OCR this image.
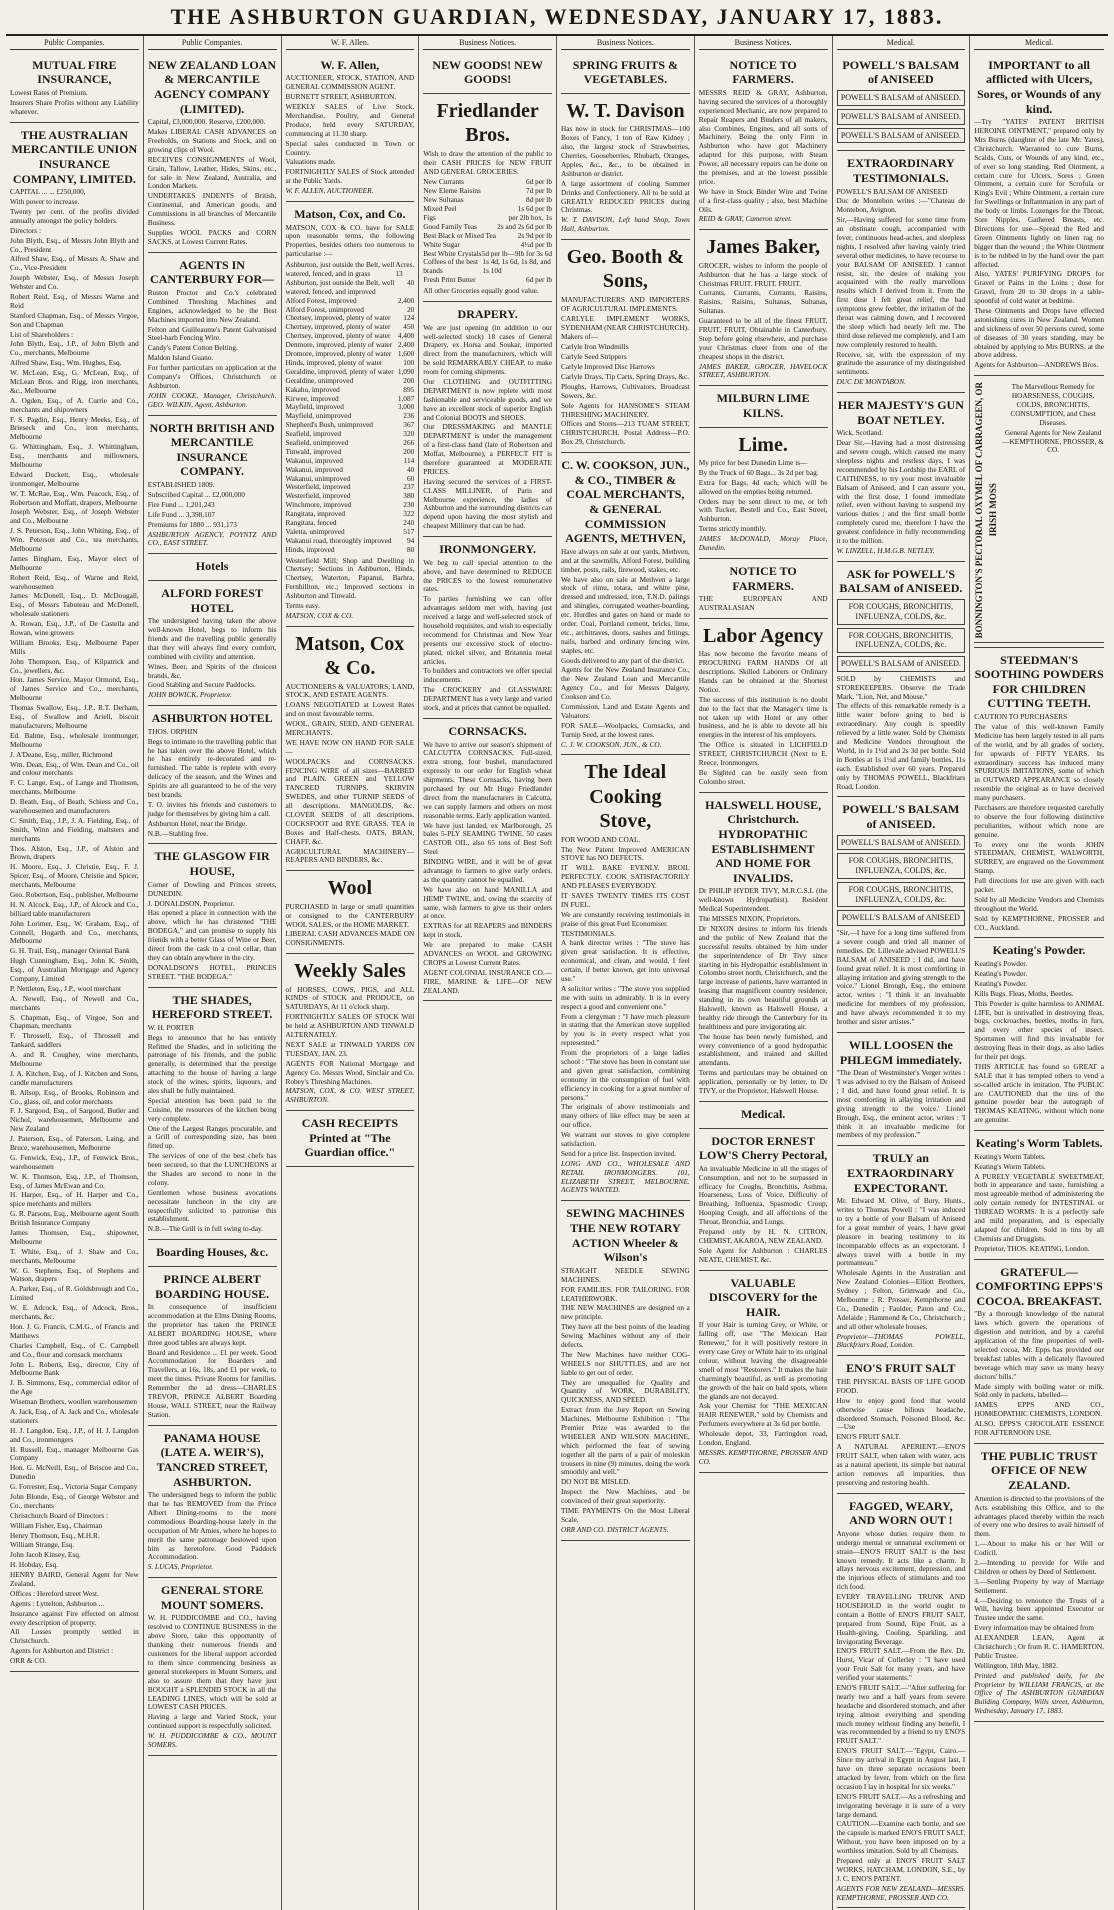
THE ASHBURTON GUARDIAN, WEDNESDAY, JANUARY 17, 1883.
Public Companies.
MUTUAL FIRE INSURANCE,

Lowest Rates of Premium.

Insurers Share Profits without any Liability whatever.

THE AUSTRALIAN MERCANTILE UNION INSURANCE COMPANY, LIMITED.

CAPITAL ... ... £250,000,

With power to increase.

Twenty per cent. of the profits divided annually amongst the policy holders.

Directors :

John Blyth, Esq., of Messrs John Blyth and Co., President

Alfred Shaw, Esq., of Messrs A. Shaw and Co., Vice-President

Joseph Webster, Esq., of Messrs Joseph Webster and Co.

Robert Reid, Esq., of Messrs Warne and Reid

Stanford Chapman, Esq., of Messrs Virgoe, Son and Chapman

List of Shareholders :

John Blyth, Esq., J.P., of John Blyth and Co., merchants, Melbourne

Alfred Shaw, Esq., Wm. Hughes, Esq.

W. McLean, Esq., G. McLean, Esq., of McLean Bros. and Rigg, iron merchants, &c., Melbourne

A. Ogden, Esq., of A. Currie and Co., merchants and shipowners

F. S. Pagdin, Esq., Henry Meeks, Esq., of Brieseck and Co., iron merchants, Melbourne

G. Whittingham, Esq., J. Whittingham, Esq., merchants and millowners, Melbourne

Edward Duckett, Esq., wholesale ironmonger, Melbourne

W. T. McRae, Esq., Wm. Peacock, Esq., of Robertson and Moffatt, drapers, Melbourne

Joseph Webster, Esq., of Joseph Webster and Co., Melbourne

J. S. Peterson, Esq., John Whiting, Esq., of Wm. Peterson and Co., tea merchants, Melbourne

James Bingham, Esq., Mayor elect of Melbourne

Robert Reid, Esq., of Warne and Reid, warehousemen

James McDonell, Esq., D. McDougall, Esq., of Messrs Tabuteau and McDonell, wholesale stationers

A. Rowan, Esq., J.P., of De Castella and Rowan, wine growers

William Brooks, Esq., Melbourne Paper Mills

John Thompson, Esq., of Kilpatrick and Co., jewellers, &c.

Hon. James Service, Mayor Ormond, Esq., of James Service and Co., merchants, Melbourne

Thomas Swallow, Esq., J.P., R.T. Derham, Esq., of Swallow and Ariell, biscuit manufacturers, Melbourne

Ed. Balme, Esq., wholesale ironmonger, Melbourne

J. A'Deane, Esq., miller, Richmond

Wm. Dean, Esq., of Wm. Dean and Co., oil and colour merchants

F. C. Lange, Esq., of Lange and Thomson, merchants, Melbourne

D. Beath, Esq., of Beath, Schiess and Co., warehousemen and manufacturers

C. Smith, Esq., J.P., J. A. Fielding, Esq., of Smith, Winn and Fielding, maltsters and merchants

Thos. Alston, Esq., J.P., of Alston and Brown, drapers

H. Moore, Esq., J. Christie, Esq., F. J. Spicer, Esq., of Moore, Christie and Spicer, merchants, Melbourne

Geo. Robertson, Esq., publisher, Melbourne

H. N. Alcock, Esq., J.P., of Alcock and Co., billiard table manufacturers

John Lorimer, Esq., W. Graham, Esq., of Connell, Hogarth and Co., merchants, Melbourne

G. H. Trail, Esq., manager Oriental Bank

Hugh Cunningham, Esq., John K. Smith, Esq., of Australian Mortgage and Agency Company, Limited

P. Nettleton, Esq., J.P., wool merchant

A. Newell, Esq., of Newell and Co., merchants

S. Chapman, Esq., of Virgoe, Son and Chapman, merchants

F. Throssell, Esq., of Throssell and Tankard, saddlers

A. and R. Coughey, wine merchants, Melbourne

J. A. Kitchen, Esq., of J. Kitchen and Sons, candle manufacturers

R. Allsop, Esq., of Brooks, Robinson and Co., glass, oil, and color merchants

F. J. Sargood, Esq., of Sargood, Butler and Nichol, warehousemen, Melbourne and New Zealand

J. Paterson, Esq., of Paterson, Laing, and Bruce, warehousemen, Melbourne

G. Fenwick, Esq., J.P., of Fenwick Bros., warehousemen

W. K. Thomson, Esq., J.P., of Thomson, Esq., of James McEwan and Co.

H. Harper, Esq., of H. Harper and Co., spice merchants and millers

G. R. Parsons, Esq., Melbourne agent South British Insurance Company

James Thomson, Esq., shipowner, Melbourne

T. White, Esq., of J. Shaw and Co., merchants, Melbourne

W. G. Stephens, Esq., of Stephens and Watson, drapers

A. Parker, Esq., of R. Goldsbrough and Co., Limited

W. E. Adcock, Esq., of Adcock, Bros., merchants, &c.

Hon. J. G. Francis, C.M.G., of Francis and Matthews

Charles Campbell, Esq., of C. Campbell and Co., flour and cornsack merchants

John L. Roberts, Esq., director, City of Melbourne Bank

J. B. Simmons, Esq., commercial editor of the Age

Wiseman Brothers, woollen warehousemen

A. Jack, Esq., of A. Jack and Co., wholesale stationers

H. J. Langdon, Esq., J.P., of H. J. Langdon and Co., ironmongers

H. Russell, Esq., manager Melbourne Gas Company

Hon. G. McNeill, Esq., of Briscoe and Co., Dunedin

G. Forrester, Esq., Victoria Sugar Company

John Blonde, Esq., of George Webster and Co., merchants

Christchurch Board of Directors :

William Fisher, Esq., Chairman

Henry Thomson, Esq., M.H.R.

William Strange, Esq.

John Jacob Kinsey, Esq.

H. Hobday, Esq.

HENRY BAIRD, General Agent for New Zealand.

Offices : Hereford street West.

Agents : Lyttelton, Ashburton ...

Insurance against Fire effected on almost every description of property.

All Losses promptly settled in Christchurch.

Agents for Ashburton and District :

ORR & CO.

Public Companies.
NEW ZEALAND LOAN & MERCANTILE AGENCY COMPANY (LIMITED).

Capital, £3,000,000. Reserve, £200,000.

Makes LIBERAL CASH ADVANCES on Freeholds, on Stations and Stock, and on growing clips of Wool.

RECEIVES CONSIGNMENTS of Wool, Grain, Tallow, Leather, Hides, Skins, etc., for sale in New Zealand, Australia, and London Markets.

UNDERTAKES INDENTS of British, Continental, and American goods, and Commissions in all branches of Mercantile Business.

Supplies WOOL PACKS and CORN SACKS, at Lowest Current Rates.

AGENTS IN CANTERBURY FOR—

Ruston Proctor and Co.'s celebrated Combined Threshing Machines and Engines, acknowledged to be the Best Machines imported into New Zealand.

Felton and Guilleaume's Patent Galvanised Steel-barb Fencing Wire.

Candy's Patent Cotton Belting.

Maldon Island Guano.

For further particulars on application at the Company's Offices, Christchurch or Ashburton.

JOHN COOKE, Manager, Christchurch. GEO. WILKIN, Agent, Ashburton.

NORTH BRITISH AND MERCANTILE INSURANCE COMPANY.

ESTABLISHED 1809.

Subscribed Capital ... £2,000,000

Fire Fund ... 1,201,243

Life Fund ... 3,398,107

Premiums for 1880 ... 931,173

ASHBURTON AGENCY, POYNTZ AND CO., EAST STREET.

Hotels
ALFORD FOREST HOTEL

The undersigned having taken the above well-known Hotel, begs to inform his friends and the travelling public generally that they will always find every comfort, combined with civility and attention.

Wines, Beer, and Spirits of the choicest brands, &c.

Good Stabling and Secure Paddocks.

JOHN BOWICK, Proprietor.

ASHBURTON HOTEL

THOS. ORPHIN

Begs to intimate to the travelling public that he has taken over the above Hotel, which he has entirely re-decorated and re-furnished. The table is replete with every delicacy of the season, and the Wines and Spirits are all guaranteed to be of the very best brands.

T. O. invites his friends and customers to judge for themselves by giving him a call.

Ashburton Hotel, near the Bridge.

N.B.—Stabling free.

THE GLASGOW FIR HOUSE,

Corner of Dowling and Princes streets, DUNEDIN.

J. DONALDSON, Proprietor.

Has opened a place in connection with the above, which he has christened "THE BODEGA," and can promise to supply his friends with a better Glass of Wine or Beer, direct from the cask in a cool cellar, than they can obtain anywhere in the city.

DONALDSON'S HOTEL, PRINCES STREET. "THE BODEGA."

THE SHADES, HEREFORD STREET.

W. H. PORTER

Begs to announce that he has entirely Refitted the Shades, and in soliciting the patronage of his friends, and the public generally, is determined that the prestige attaching to the house of having a large stock of the wines, spirits, liquours, and ales shall be fully maintained.

Special attention has been paid to the Cuisine, the resources of the kitchen being very complete.

One of the Largest Ranges procurable, and a Grill of corresponding size, has been fitted up.

The services of one of the best chefs has been secured, so that the LUNCHEONS at the Shades are second to none in the colony.

Gentlemen whose business avocations necessitate luncheon in the city are respectfully solicited to patronise this establishment.

N.B.—The Grill is in full swing to-day.

Boarding Houses, &c.
PRINCE ALBERT BOARDING HOUSE.

In consequence of insufficient accommodation at the Elms Dining Rooms, the proprietor has taken the PRINCE ALBERT BOARDING HOUSE, where three good tables are always kept.

Board and Residence ... £1 per week. Good Accommodation for Boarders and Travellers, at 16s, 18s, and £1 per week, to meet the times. Private Rooms for families. Remember the ad dress—CHARLES TREVOR, PRINCE ALBERT Boarding House, WALL STREET, near the Railway Station.

PANAMA HOUSE (LATE A. WEIR'S), TANCRED STREET, ASHBURTON.

The undersigned begs to inform the public that he has REMOVED from the Prince Albert Dining-rooms to the more commodious Boarding-house lately in the occupation of Mr Amies, where he hopes to merit the same patronage bestowed upon him as heretofore. Good Paddock Accommodation.

S. LUCAS, Proprietor.

GENERAL STORE MOUNT SOMERS.

W. H. PUDDICOMBE and CO., having resolved to CONTINUE BUSINESS in the above Store, take this opportunity of thanking their numerous friends and customers for the liberal support accorded to them since commencing business as general storekeepers in Mount Somers, and also to assure them that they have just BOUGHT a SPLENDID STOCK in all the LEADING LINES, which will be sold at LOWEST CASH PRICES.

Having a large and Varied Stock, your continued support is respectfully solicited.

W. H. PUDDICOMBE & CO., MOUNT SOMERS.

W. F. Allen.
W. F. Allen,

AUCTIONEER, STOCK, STATION, AND GENERAL COMMISSION AGENT.

BURNETT STREET, ASHBURTON.

WEEKLY SALES of Live Stock, Merchandise, Poultry, and General Produce, held every SATURDAY, commencing at 11.30 sharp.

Special sales conducted in Town or Country.

Valuations made.

FORTNIGHTLY SALES of Stock attended at the Public Yards.

W. F. ALLEN, AUCTIONEER.

Matson, Cox, and Co.

MATSON, COX & CO. have for SALE upon reasonable terms, the following Properties, besides others too numerous to particularise :—

Ashburton, just outside the Belt, well watered, fenced, and in grass
Acres. 13
Ashburton, just outside the Belt, well watered, fenced, and improved
40
Alford Forest, improved	2,400
Alford Forest, unimproved	20
Chertsey, improved, plenty of water 124
Chertsey, improved, plenty of water 450
Chertsey, improved, plenty of water 4,400
Denmore, improved, plenty of water 2,400
Dromore, improved, plenty of water 1,600
Hinds, improved, plenty of water	100
Geraldine, improved, plenty of water 1,090
Geraldine, unimproved	200
Kakahu, improved	895
Kirwee, improved	1,087
Mayfield, improved	3,000
Mayfield, unimproved	236
Shepherd's Bush, unimproved	367
Seafield, improved	320
Seafield, unimproved	266
Tinwald, improved	200
Wakanui, improved	114
Wakanui, improved	40
Wakanui, unimproved	60
Westerfield, improved	237
Westerfield, improved	380
Winchmore, improved	230
Rangitata, improved	322
Rangitata, fenced	240
Valetta, unimproved	517
Wakanui road, thoroughly improved 94
Hinds, improved	80

Westerfield Mill; Shop and Dwelling in Chertsey; Sections in Ashburton, Hinds, Chertsey, Waterton, Papanui, Barhra, Fernhillton, etc.; Improved sections in Ashburton and Tinwald.

Terms easy.

MATSON, COX & CO.

Matson, Cox & Co.

AUCTIONEERS & VALUATORS, LAND, STOCK, AND ESTATE AGENTS.

LOANS NEGOTIATED at Lowest Rates and on most favourable terms.

WOOL, GRAIN, SEED, AND GENERAL MERCHANTS.

WE HAVE NOW ON HAND FOR SALE—

WOOLPACKS and CORNSACKS. FENCING WIRE of all sizes—BARBED and PLAIN. GREEN and YELLOW TANCRED TURNIPS. SKIRVIN SWEDES, and other TURNIP SEEDS of all descriptions. MANGOLDS, &c. CLOVER SEEDS of all descriptions. COCKSFOOT and RYE GRASS. TEA in Boxes and Half-chests. OATS, BRAN, CHAFF, &c.

AGRICULTURAL MACHINERY—REAPERS AND BINDERS, &c.

Wool

PURCHASED in large or small quantities or consigned to the CANTERBURY WOOL SALES, or the HOME MARKET.

LIBERAL CASH ADVANCES MADE ON CONSIGNMENTS.

Weekly Sales

of HORSES, COWS, PIGS, and ALL KINDS of STOCK and PRODUCE, on SATURDAYS, At 11 o'clock sharp.

FORTNIGHTLY SALES OF STOCK Will be held at ASHBURTON AND TINWALD ALTERNATELY.

NEXT SALE at TINWALD YARDS ON TUESDAY, JAN. 23.

AGENTS FOR National Mortgage and Agency Co. Messrs Wood, Sinclair and Co. Robey's Threshing Machines.

MATSON, COX, & CO. WEST STREET, ASHBURTON.

CASH RECEIPTS Printed at "The Guardian office."
Business Notices.
NEW GOODS! NEW GOODS!
Friedlander Bros.

Wish to draw the attention of the public to their CASH PRICES for NEW FRUIT AND GENERAL GROCERIES.

New Currants	6d per lb
New Eleme Raisins	7d per lb
New Sultanas	8d per lb
Mixed Peel	1s 6d per lb
Figs	per 2lb box, 1s
Good Family Teas	2s and 2s 6d per lb
Best Black or Mixed Tea	2s 9d per lb
White Sugar	4½d per lb
Best White Crystals 5d per lb—9lb for 3s 6d
Coffees of the best brands
1s 4d, 1s 6d, 1s 8d, and 1s 10d
Fresh Print Butter	6d per lb

All other Groceries equally good value.

DRAPERY.

We are just opening (in addition to our well-selected stock) 18 cases of General Drapery, ex Horsa and Soukar, imported direct from the manufacturers, which will be sold REMARKABLY CHEAP, to make room for coming shipments.

Our CLOTHING and OUTFITTING DEPARTMENT is now replete with most fashionable and serviceable goods, and we have an excellent stock of superior English and Colonial BOOTS and SHOES.

Our DRESSMAKING and MANTLE DEPARTMENT is under the management of a first-class hand (late of Robertson and Moffat, Melbourne), a PERFECT FIT is therefore guaranteed at MODERATE PRICES.

Having secured the services of a FIRST-CLASS MILLINER, of Paris and Melbourne experience, the ladies of Ashburton and the surrounding districts can depend upon having the most stylish and cheapest Millinery that can be had.

IRONMONGERY.

We beg to call special attention to the above, and have determined to REDUCE the PRICES to the lowest remunerative rates.

To parties furnishing we can offer advantages seldom met with, having just received a large and well-selected stock of household requisites, and wish to especially recommend for Christmas and New Year presents our excessive stock of electro-plated, nickel silver, and Britannia metal articles.

To builders and contractors we offer special inducements.

The CROCKERY and GLASSWARE DEPARTMENT has a very large and varied stock, and at prices that cannot be equalled.

CORNSACKS.

We have to arrive our season's shipment of CALCUTTA CORNSACKS, Full-sized, extra strong, four bushel, manufactured expressly to our order for English wheat shipments. These Cornsacks, having been purchased by our Mr Hugo Friedlander direct from the manufacturers in Calcutta, we can supply farmers and others on most reasonable terms. Early application wanted.

We have just landed, ex Marlborough, 25 bales 5-PLY SEAMING TWINE. 50 cases CASTOR OIL, also 65 tons of Best Soft Steel

BINDING WIRE, and it will be of great advantage to farmers to give early orders, as the quantity cannot be equalled.

We have also on hand MANILLA and HEMP TWINE, and, owing the scarcity of same, wish farmers to give us their orders at once.

EXTRAS for all REAPERS and BINDERS kept in stock.

We are prepared to make CASH ADVANCES on WOOL and GROWING CROPS at Lowest Current Rates.

AGENT COLONIAL INSURANCE CO.—FIRE, MARINE & LIFE—OF NEW ZEALAND.

Business Notices.
SPRING FRUITS & VEGETABLES.
W. T. Davison

Has now in stock for CHRISTMAS—100 Boxes of Fancy, 1 ton of Raw Kidney ; also, the largest stock of Strawberries, Cherries, Gooseberries, Rhubarb, Oranges, Apples, &c., &c., to be obtained in Ashburton or district.

A large assortment of cooling Summer Drinks and Confectionery. All to be sold at GREATLY REDUCED PRICES during Christmas.

W. T. DAVISON, Left hand Shop, Town Hall, Ashburton.

Geo. Booth & Sons,

MANUFACTURERS AND IMPORTERS OF AGRICULTURAL IMPLEMENTS.

CARLYLE IMPLEMENT WORKS, SYDENHAM (NEAR CHRISTCHURCH).

Makers of—

Carlyle Iron Windmills

Carlyle Seed Strippers

Carlyle Improved Disc Harrows

Carlyle Drays, Tip Carts, Spring Drays, &c.

Ploughs, Harrows, Cultivators, Broadcast Sowers, &c.

Sole Agents for HANSOME'S STEAM THRESHING MACHINERY.

Offices and Stores—213 TUAM STREET, CHRISTCHURCH. Postal Address—P.O. Box 29, Christchurch.

C. W. COOKSON, JUN., & CO., TIMBER & COAL MERCHANTS, & GENERAL COMMISSION AGENTS, METHVEN,

Have always on sale at our yards, Methven, and at the sawmills, Alford Forest, building timber, posts, rails, firewood, stakes, etc.

We have also on sale at Methven a large stock of rimu, totara, and white pine, dressed and undressed, iron, T.N.D. palings and shingles, corrugated weather-boarding, etc. Hurdles and gates on hand or made to order. Coal, Portland cement, bricks, lime, etc., architraves, doors, sashes and fittings, nails, barbed and ordinary fencing wire, staples, etc.

Goods delivered to any part of the district.

Agents for the New Zealand Insurance Co., the New Zealand Loan and Mercantile Agency Co., and for Messrs Dalgety, Cookson and Co.

Commission, Land and Estate Agents and Valuators.

FOR SALE—Woolpacks, Cornsacks, and Turnip Seed, at the lowest rates.

C. J. W. COOKSON, JUN., & CO.

The Ideal Cooking Stove,

FOR WOOD AND COAL.

The New Patent Improved AMERICAN STOVE has NO DEFECTS.

IT WILL BAKE EVENLY. BROIL PERFECTLY. COOK SATISFACTORILY AND PLEASES EVERYBODY.

IT SAVES TWENTY TIMES ITS COST IN FUEL.

We are constantly receiving testimonials in praise of this great Fuel Economiser.

TESTIMONIALS.

A bank director writes : "The stove has given great satisfaction. It is effective, economical, and clean, and would, I feel certain, if better known, get into universal use."

A solicitor writes : "The stove you supplied me with suits us admirably. It is in every respect a good and convenient one."

From a clergyman : "I have much pleasure in stating that the American stove supplied by you is in every respect what you represented."

From the proprietors of a large ladies school : "The stove has been in constant use and given great satisfaction, combining economy in the consumption of fuel with efficiency in cooking for a great number of persons."

The originals of above testimonials and many others of like effect may be seen at our office.

We warrant our stoves to give complete satisfaction.

Send for a price list. Inspection invited.

LONG AND CO., WHOLESALE AND RETAIL IRONMONGERS. 101, ELIZABETH STREET, MELBOURNE. AGENTS WANTED.

SEWING MACHINES THE NEW ROTARY ACTION Wheeler & Wilson's

STRAIGHT NEEDLE SEWING MACHINES.

FOR FAMILIES. FOR TAILORING. FOR LEATHERWORK.

THE NEW MACHINES are designed on a new principle.

They have all the best points of the leading Sewing Machines without any of their defects.

The New Machines have neither COG-WHEELS nor SHUTTLES, and are not liable to get out of order.

They are unequalled for Quality and Quantity of WORK, DURABILITY, QUICKNESS, AND SPEED.

Extract from the Jury Report on Sewing Machines, Melbourne Exhibition : "The Premier Prize was awarded to the WHEELER AND WILSON MACHINE, which performed the feat of sewing together all the parts of a pair of moleskin trousers in nine (9) minutes, doing the work smoothly and well."

DO NOT BE MISLED.

Inspect the New Machines, and be convinced of their great superiority.

TIME PAYMENTS On the Most Liberal Scale.

ORR AND CO. DISTRICT AGENTS.

Business Notices.
NOTICE TO FARMERS.

MESSRS REID & GRAY, Ashburton, having secured the services of a thoroughly experienced Mechanic, are now prepared to Repair Reapers and Binders of all makers, also Combines, Engines, and all sorts of Machinery. Being the only Firm in Ashburton who have got Machinery adapted for this purpose, with Steam Power, all necessary repairs can be done on the premises, and at the lowest possible price.

We have in Stock Binder Wire and Twine of a first-class quality ; also, best Machine Oils.

REID & GRAY, Cameron street.

James Baker,

GROCER, wishes to inform the people of Ashburton that he has a large stock of Christmas FRUIT. FRUIT. FRUIT.

Currants, Currants, Currants, Raisins, Raisins, Raisins, Sultanas, Sultanas, Sultanas.

Guaranteed to be all of the finest FRUIT, FRUIT, FRUIT, Obtainable in Canterbury. Step before going elsewhere, and purchase your Christmas cheer from one of the cheapest shops in the district.

JAMES BAKER, GROCER, HAVELOCK STREET, ASHBURTON.

MILBURN LIME KILNS.
Lime.

My price for best Dunedin Lime is—

By the Truck of 60 Bags... 3s 2d per bag.

Extra for Bags, 4d each, which will be allowed on the empties being returned.

Orders may be sent direct to me, or left with Tucker, Bestell and Co., East Street, Ashburton.

Terms strictly monthly.

JAMES McDONALD, Moray Place, Dunedin.

NOTICE TO FARMERS.

THE EUROPEAN AND AUSTRALASIAN

Labor Agency

Has now become the favorite means of PROCURING FARM HANDS Of all descriptions. Skilled Laborers or Ordinary Hands can be obtained at the Shortest Notice.

The success of this institution is no doubt due to the fact that the Manager's time is not taken up with Hotel or any other business, and he is able to devote all his energies in the interest of his employers.

The Office is situated in LICHFIELD STREET, CHRISTCHURCH (Next to E. Reece, Ironmongers.

Be Sighted can be easily seen from Colombo street.

HALSWELL HOUSE, Christchurch. HYDROPATHIC ESTABLISHMENT AND HOME FOR INVALIDS.

Dr PHILIP HYDER TIVY, M.R.C.S.I. (the well-known Hydropathist). Resident Medical Superintendent.

The MISSES NIXON, Proprietors.

Dr NIXON desires to inform his friends and the public of New Zealand that the successful results obtained by him under the superintendence of Dr Tivy since starting in his Hydropathic establishment in Colombo street north, Christchurch, and the large increase of patients, have warranted in leasing that magnificent country residence, standing in its own beautiful grounds at Halswell, known as Halswell House, a healthy ride through the Canterbury for its healthiness and pure invigorating air.

The house has been newly furnished, and every convenience of a good hydropathic establishment, and trained and skilled attendants.

Terms and particulars may be obtained on application, personally or by letter, to Dr TIVY, or the Proprietor, Halswell House.

Medical.
DOCTOR ERNEST LOW'S Cherry Pectoral,

An invaluable Medicine in all the stages of Consumption, and not to be surpassed in efficacy for Coughs, Bronchitis, Asthma, Hoarseness, Loss of Voice, Difficulty of Breathing, Influenza, Spasmodic Croup, Hooping Cough, and all affections of the Throat, Bronchia, and Lungs.

Prepared only by H. N. CITRON, CHEMIST, AKAROA, NEW ZEALAND.

Sole Agent for Ashburton : CHARLES NEATE, CHEMIST, &c.

VALUABLE DISCOVERY for the HAIR.

If your Hair is turning Grey, or White, or falling off, use "The Mexican Hair Renewer," for it will positively restore in every case Grey or White hair to its original colour, without leaving the disagreeable smell of most "Restorers." It makes the hair charmingly beautiful, as well as promoting the growth of the hair on bald spots, where the glands are not decayed.

Ask your Chemist for "THE MEXICAN HAIR RENEWER," sold by Chemists and Perfumers everywhere at 3s 6d per bottle.

Wholesale depot, 33, Farringdon road, London, England.

MESSRS. KEMPTHORNE, PROSSER AND CO.

Medical.
POWELL'S BALSAM of ANISEED
POWELL'S BALSAM of ANISEED.
POWELL'S BALSAM of ANISEED.
POWELL'S BALSAM of ANISEED.
EXTRAORDINARY TESTIMONIALS.

POWELL'S BALSAM OF ANISEED

Duc de Montebon writes :—"Chateau de Montebon, Avignon.

Sir,—Having suffered for some time from an obstinate cough, accompanied with fever, continuous head-aches, and sleepless nights, I resolved after having vainly tried several other medicines, to have recourse to your BALSAM OF ANISEED. I cannot resist, sir, the desire of making you acquainted with the really marvellous results which I derived from it. From the first dose I felt great relief, the bad symptoms grew feebler, the irritation of the throat was calming down, and I recovered the sleep which had nearly left me. The third dose relieved me completely, and I am now completely restored to health.

Receive, sir, with the expression of my gratitude the assurance of my distinguished sentiments.

DUC DE MONTABON.

HER MAJESTY'S GUN BOAT NETLEY.

Wick, Scotland.

Dear Sir,—Having had a most distressing and severe cough, which caused me many sleepless nights and restless days, I was recommended by his Lordship the EARL of CAITHNESS, to try your most invaluable Balsam of Aniseed, and I can assure you, with the first dose, I found immediate relief, even without having to suspend my various duties ; and the first small bottle completely cured me, therefore I have the greatest confidence in fully recommending it to the million.

W. LINZELL, H.M.G.B. NETLEY.

ASK for POWELL'S BALSAM of ANISEED.
FOR COUGHS, BRONCHITIS, INFLUENZA, COLDS, &c.
FOR COUGHS, BRONCHITIS, INFLUENZA, COLDS, &c.
POWELL'S BALSAM of ANISEED.

SOLD by CHEMISTS and STOREKEEPERS. Observe the Trade Mark, "Lion, Net, and Mouse."

The effects of this remarkable remedy is a little water before going to bed is extraordinary. Any cough is speedily relieved by a little water. Sold by Chemists and Medicine Vendors throughout the World, in 1s 1½d and 2s 3d per bottle. Sold in Bottles at 1s 1½d and family bottles, 11s each. Established over 60 years. Prepared only by THOMAS POWELL, Blackfriars Road, London.

POWELL'S BALSAM of ANISEED.
POWELL'S BALSAM of ANISEED.
FOR COUGHS, BRONCHITIS, INFLUENZA, COLDS, &c.
FOR COUGHS, BRONCHITIS, INFLUENZA, COLDS, &c.
POWELL'S BALSAM of ANISEED

"Sir,—I have for a long time suffered from a severe cough and tried all manner of remedies. Dr. Lillevale advised POWELL'S BALSAM of ANISEED ; I did, and have found great relief. It is most comforting in allaying irritation and giving strength to the voice." Lionel Brough, Esq., the eminent actor, writes : "I think it an invaluable medicine for members of my profession, and have always recommended it to my brother and sister artistes."

WILL LOOSEN the PHLEGM immediately.

"The Dean of Westminster's Verger writes : 'I was advised to try the Balsam of Aniseed ; I did, and have found great relief. It is most comforting in allaying irritation and giving strength to the voice.' Lionel Brough, Esq., the eminent actor, writes : 'I think it an invaluable medicine for members of my profession.'"

TRULY an EXTRAORDINARY EXPECTORANT.

Mr. Edward M. Olive, of Bury, Hunts., writes to Thomas Powell : "I was induced to try a bottle of your Balsam of Aniseed for a great number of years, I have great pleasure in bearing testimony to its incomparable effects as an expectorant. I always travel with a bottle in my portmanteau."

Wholesale Agents in the Australian and New Zealand Colonies—Elliott Brothers, Sydney ; Felton, Grimwade and Co., Melbourne ; R. Prosser, Kempthorne and Co., Dunedin ; Faulder, Paton and Co., Adelaide ; Hammond & Co., Christchurch ; and all other wholesale houses.

Proprietor—THOMAS POWELL, Blackfriars Road, London.

ENO'S FRUIT SALT

THE PHYSICAL BASIS OF LIFE GOOD FOOD.

How to enjoy good food that would otherwise cause bilious headache, disordered Stomach, Poisoned Blood, &c.—Use

ENO'S FRUIT SALT.

A NATURAL APERIENT.—ENO'S FRUIT SALT, when taken with water, acts as a natural aperient, its simple but natural action removes all impurities, thus preserving and restoring health.

FAGGED, WEARY, AND WORN OUT !

Anyone whose duties require them to undergo mental or unnatural excitement or strain—ENO'S FRUIT SALT is the best known remedy. It acts like a charm. It allays nervous excitement, depression, and the injurious effects of stimulants and too rich food.

EVERY TRAVELLING TRUNK AND HOUSEHOLD in the world ought to contain a Bottle of ENO'S FRUIT SALT, prepared from Sound, Ripe Fruit, as a Health-giving, Cooling, Sparkling, and Invigorating Beverage.

ENO'S FRUIT SALT.—From the Rev. Dr. Hurst, Vicar of Collerley : "I have used your Fruit Salt for many years, and have verified your statements."

ENO'S FRUIT SALT.—"After suffering for nearly two and a half years from severe headache and disordered stomach, and after trying almost everything and spending much money without finding any benefit, I was recommended by a friend to try ENO'S FRUIT SALT."

ENO'S FRUIT SALT.—"Egypt, Cairo.—Since my arrival in Egypt in August last, I have on three separate occasions been attacked by fever, from which on the first occasion I lay in hospital for six weeks."

ENO'S FRUIT SALT.—As a refreshing and invigorating beverage it is sure of a very large demand.

CAUTION.—Examine each bottle, and see the capsule is marked ENO'S FRUIT SALT. Without, you have been imposed on by a worthless imitation. Sold by all Chemists.

Prepared only at ENO'S FRUIT SALT WORKS, HATCHAM, LONDON, S.E., by J. C. ENO'S PATENT.

AGENTS FOR NEW ZEALAND—MESSRS. KEMPTHORNE, PROSSER AND CO.

Medical.
IMPORTANT to all afflicted with Ulcers, Sores, or Wounds of any kind.

—Try "YATES' PATENT BRITISH HEROINE OINTMENT," prepared only by Mrs Burns (daughter of the late Mr. Yates), Christchurch. Warranted to cure Burns, Scalds, Cuts, or Wounds of any kind, etc., of ever so long standing. Red Ointment, a certain cure for Ulcers, Sores ; Green Ointment, a certain cure for Scrofula or King's Evil ; White Ointment, a certain cure for Swellings or Inflammation in any part of the body or limbs. Lozenges for the Throat, Sore Nipples, Gathered Breasts, etc. Directions for use—Spread the Red and Green Ointments lightly on linen rag no bigger than the wound ; the White Ointment is to be rubbed in by the hand over the part affected.

Also, YATES' PURIFYING DROPS for Gravel or Pains in the Loins ; dose for Gravel, from 20 to 30 drops in a table-spoonful of cold water at bedtime.

These Ointments and Drops have effected astonishing cures in New Zealand. Women and sickness of over 50 persons cured, some of diseases of 30 years standing, may be obtained by applying to Mrs BURNS, at the above address.

Agents for Ashburton—ANDREWS Bros.

BONNINGTON'S PECTORAL OXYMEL OF CARRAGEEN, OR IRISH MOSS

The Marvellous Remedy for HOARSENESS, COUGHS, COLDS, BRONCHITIS, CONSUMPTION, and Chest Diseases.

General Agents for New Zealand—KEMPTHORNE, PROSSER, & CO.

STEEDMAN'S SOOTHING POWDERS FOR CHILDREN CUTTING TEETH.

CAUTION TO PURCHASERS

The value of this well-known Family Medicine has been largely tested in all parts of the world, and by all grades of society, for upwards of FIFTY YEARS. Its extraordinary success has induced many SPURIOUS IMITATIONS, some of which in OUTWARD APPEARANCE so closely resemble the original as to have deceived many purchasers.

Purchasers are therefore requested carefully to observe the four following distinctive peculiarities, without which none are genuine.

To every one the words JOHN STEEDMAN, CHEMIST, WALWORTH, SURREY, are engraved on the Government Stamp.

Full directions for use are given with each packet.

Sold by all Medicine Vendors and Chemists throughout the World.

Sold by KEMPTHORNE, PROSSER and CO., Auckland.

Keating's Powder.

Keating's Powder.

Keating's Powder.

Keating's Powder.

Kills Bugs. Fleas, Moths, Beetles.

This Powder is quite harmless to ANIMAL LIFE, but is unrivalled in destroying fleas, bugs, cockroaches, beetles, moths in furs, and every other species of insect. Sportsmen will find this invaluable for destroying fleas in their dogs, as also ladies for their pet dogs.

THIS ARTICLE has found so GREAT a SALE that it has tempted others to vend a so-called article in imitation. The PUBLIC are CAUTIONED that the tins of the genuine powder bear the autograph of THOMAS KEATING, without which none are genuine.

Keating's Worm Tablets.

Keating's Worm Tablets.

Keating's Worm Tablets.

A PURELY VEGETABLE SWEETMEAT, both in appearance and taste, furnishing a most agreeable method of administering the only certain remedy for INTESTINAL or THREAD WORMS. It is a perfectly safe and mild preparation, and is especially adapted for children. Sold in tins by all Chemists and Druggists.

Proprietor, THOS. KEATING, London.

GRATEFUL—COMFORTING EPPS'S COCOA. BREAKFAST.

"By a thorough knowledge of the natural laws which govern the operations of digestion and nutrition, and by a careful application of the fine properties of well-selected cocoa, Mr. Epps has provided our breakfast tables with a delicately flavoured beverage which may save us many heavy doctors' bills."

Made simply with boiling water or milk. Sold only in packets, labelled—

JAMES EPPS AND CO., HOMŒOPATHIC CHEMISTS, LONDON.

ALSO, EPPS'S CHOCOLATE ESSENCE FOR AFTERNOON USE.

THE PUBLIC TRUST OFFICE OF NEW ZEALAND.

Attention is directed to the provisions of the Acts establishing this Office, and to the advantages placed thereby within the reach of every one who desires to avail himself of them.

1.—About to make his or her Will or Codicil.

2.—Intending to provide for Wife and Children or others by Deed of Settlement.

3.—Settling Property by way of Marriage Settlement.

4.—Desiring to renounce the Trusts of a Will, having been appointed Executor or Trustee under the same.

Every information may be obtained from

ALEXANDER LEAN, Agent at Christchurch ; Or from R. C. HAMERTON, Public Trustee.

Wellington, 18th May, 1882.

Printed and published daily, for the Proprietor by WILLIAM FRANCIS, at the Office of The ASHBURTON GUARDIAN Building Company, Wills street, Ashburton, Wednesday, January 17, 1883.
